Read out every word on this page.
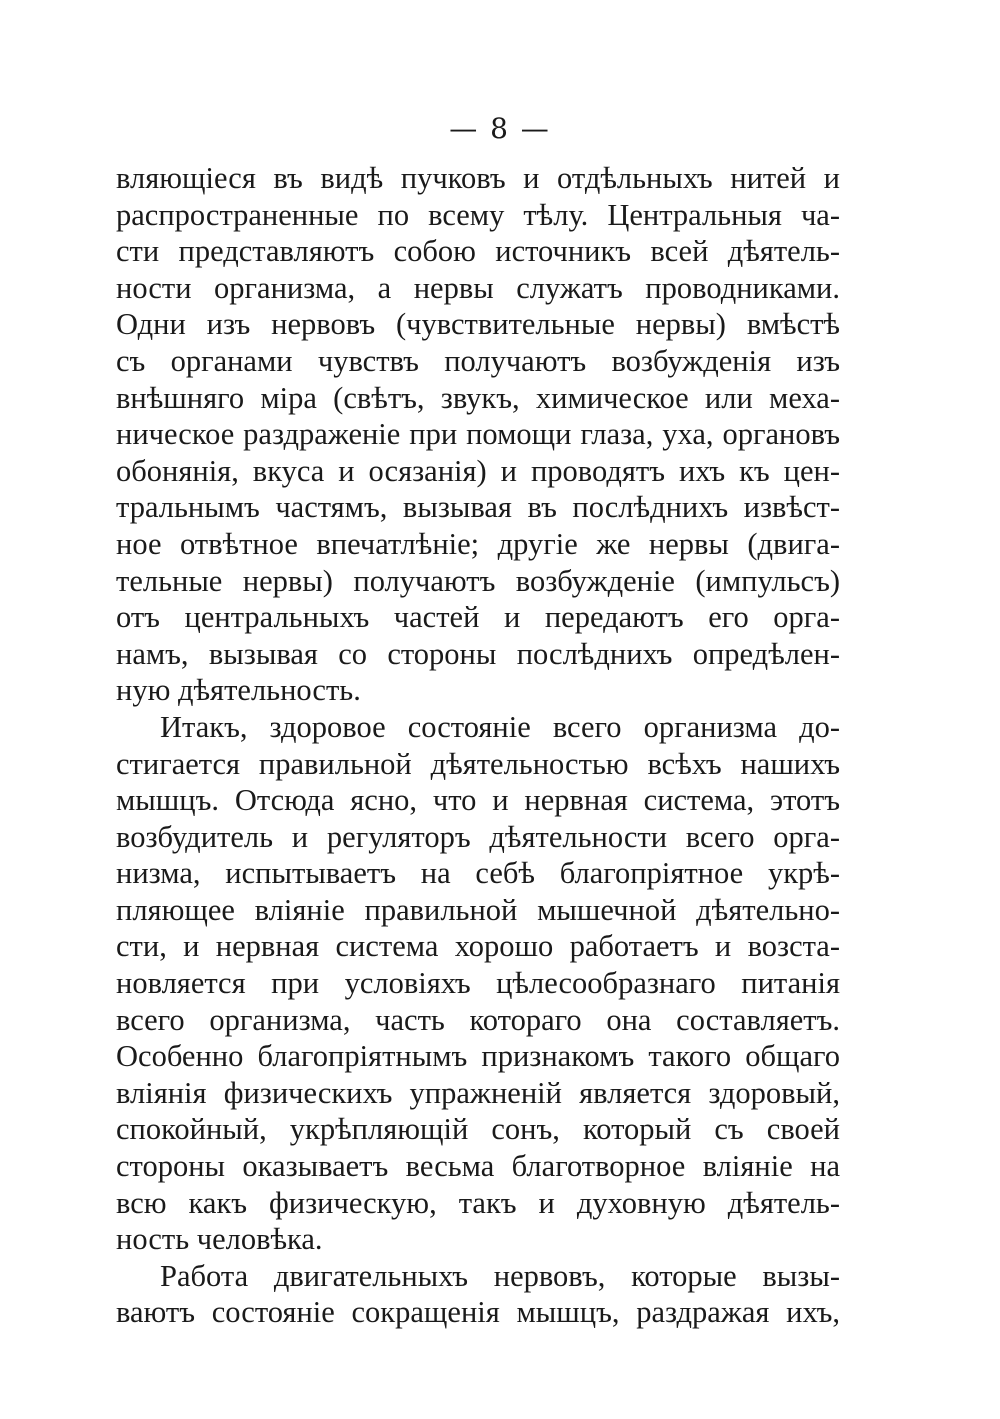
— 8 —
вляющіеся въ видѣ пучковъ и отдѣльныхъ нитей и
распространенные по всему тѣлу. Центральныя ча-
сти представляютъ собою источникъ всей дѣятель-
ности организма, а нервы служатъ проводниками.
Одни изъ нервовъ (чувствительные нервы) вмѣстѣ
съ органами чувствъ получаютъ возбужденія изъ
внѣшняго міра (свѣтъ, звукъ, химическое или меха-
ническое раздраженіе при помощи глаза, уха, органовъ
обонянія, вкуса и осязанія) и проводятъ ихъ къ цен-
тральнымъ частямъ, вызывая въ послѣднихъ извѣст-
ное отвѣтное впечатлѣніе; другіе же нервы (двига-
тельные нервы) получаютъ возбужденіе (импульсъ)
отъ центральныхъ частей и передаютъ его орга-
намъ, вызывая со стороны послѣднихъ опредѣлен-
ную дѣятельность.
Итакъ, здоровое состояніе всего организма до-
стигается правильной дѣятельностью всѣхъ нашихъ
мышцъ. Отсюда ясно, что и нервная система, этотъ
возбудитель и регуляторъ дѣятельности всего орга-
низма, испытываетъ на себѣ благопріятное укрѣ-
пляющее вліяніе правильной мышечной дѣятельно-
сти, и нервная система хорошо работаетъ и возста-
новляется при условіяхъ цѣлесообразнаго питанія
всего организма, часть котораго она составляетъ.
Особенно благопріятнымъ признакомъ такого общаго
вліянія физическихъ упражненій является здоровый,
спокойный, укрѣпляющій сонъ, который съ своей
стороны оказываетъ весьма благотворное вліяніе на
всю какъ физическую, такъ и духовную дѣятель-
ность человѣка.
Работа двигательныхъ нервовъ, которые вызы-
ваютъ состояніе сокращенія мышцъ, раздражая ихъ,
